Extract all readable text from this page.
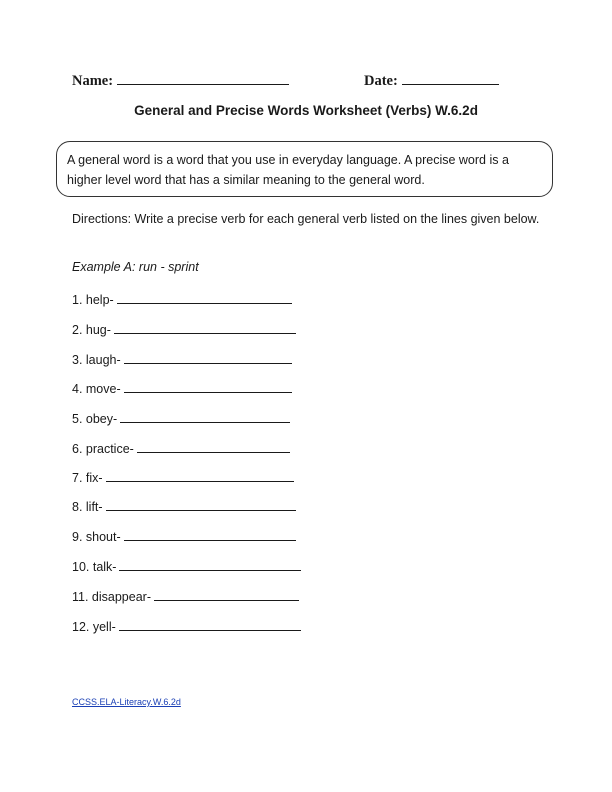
Name:	Date:
General and Precise Words Worksheet (Verbs) W.6.2d
A general word is a word that you use in everyday language. A precise word is a higher level word that has a similar meaning to the general word.
Directions: Write a precise verb for each general verb listed on the lines given below.
Example A: run - sprint
1. help-
2. hug-
3. laugh-
4. move-
5. obey-
6. practice-
7. fix-
8. lift-
9. shout-
10. talk-
11. disappear-
12. yell-
CCSS.ELA-Literacy.W.6.2d
